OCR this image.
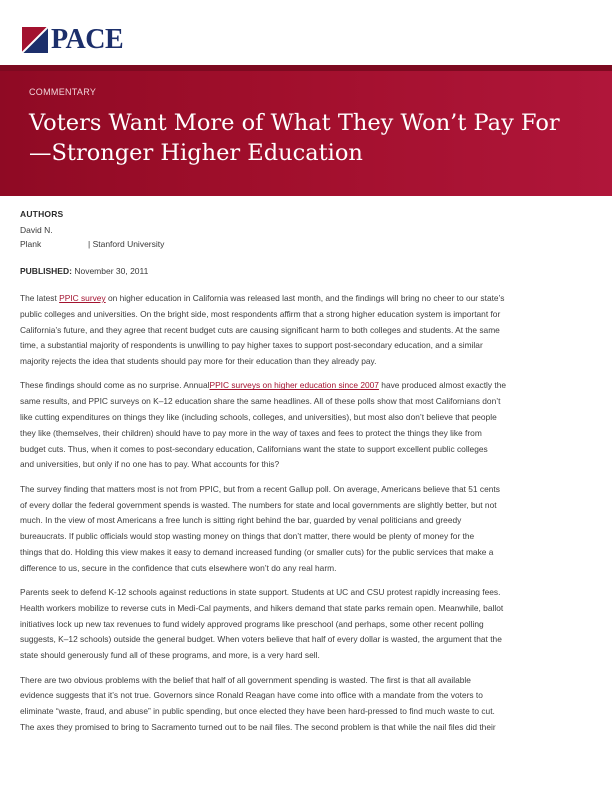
PACE
COMMENTARY
Voters Want More of What They Won’t Pay For
—Stronger Higher Education
AUTHORS
David N.
Plank	| Stanford University
PUBLISHED: November 30, 2011

The latest PPIC survey on higher education in California was released last month, and the findings will bring no cheer to our state’s
public colleges and universities. On the bright side, most respondents affirm that a strong higher education system is important for
California’s future, and they agree that recent budget cuts are causing significant harm to both colleges and students. At the same
time, a substantial majority of respondents is unwilling to pay higher taxes to support post-secondary education, and a similar
majority rejects the idea that students should pay more for their education than they already pay.

These findings should come as no surprise. AnnualPPIC surveys on higher education since 2007 have produced almost exactly the
same results, and PPIC surveys on K–12 education share the same headlines. All of these polls show that most Californians don’t
like cutting expenditures on things they like (including schools, colleges, and universities), but most also don’t believe that people
they like (themselves, their children) should have to pay more in the way of taxes and fees to protect the things they like from
budget cuts. Thus, when it comes to post-secondary education, Californians want the state to support excellent public colleges
and universities, but only if no one has to pay. What accounts for this?

The survey finding that matters most is not from PPIC, but from a recent Gallup poll. On average, Americans believe that 51 cents
of every dollar the federal government spends is wasted. The numbers for state and local governments are slightly better, but not
much. In the view of most Americans a free lunch is sitting right behind the bar, guarded by venal politicians and greedy
bureaucrats. If public officials would stop wasting money on things that don’t matter, there would be plenty of money for the
things that do. Holding this view makes it easy to demand increased funding (or smaller cuts) for the public services that make a
difference to us, secure in the confidence that cuts elsewhere won’t do any real harm.

Parents seek to defend K-12 schools against reductions in state support. Students at UC and CSU protest rapidly increasing fees.
Health workers mobilize to reverse cuts in Medi-Cal payments, and hikers demand that state parks remain open. Meanwhile, ballot
initiatives lock up new tax revenues to fund widely approved programs like preschool (and perhaps, some other recent polling
suggests, K–12 schools) outside the general budget. When voters believe that half of every dollar is wasted, the argument that the
state should generously fund all of these programs, and more, is a very hard sell.

There are two obvious problems with the belief that half of all government spending is wasted. The first is that all available
evidence suggests that it’s not true. Governors since Ronald Reagan have come into office with a mandate from the voters to
eliminate “waste, fraud, and abuse” in public spending, but once elected they have been hard-pressed to find much waste to cut.
The axes they promised to bring to Sacramento turned out to be nail files. The second problem is that while the nail files did their
